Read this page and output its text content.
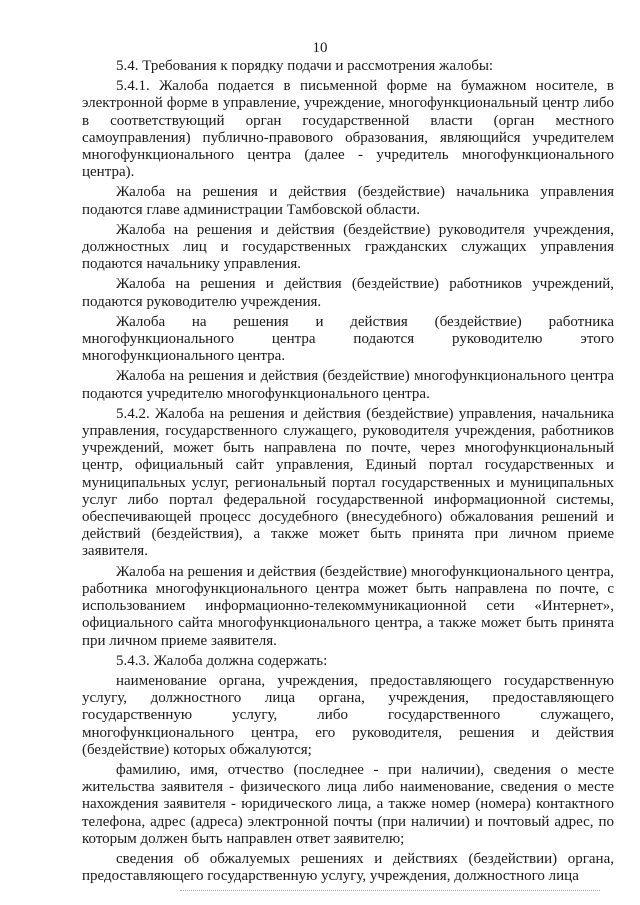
10

5.4. Требования к порядку подачи и рассмотрения жалобы:

5.4.1. Жалоба подается в письменной форме на бумажном носителе, в электронной форме в управление, учреждение, многофункциональный центр либо в соответствующий орган государственной власти (орган местного самоуправления) публично-правового образования, являющийся учредителем многофункционального центра (далее - учредитель многофункционального центра).

Жалоба на решения и действия (бездействие) начальника управления подаются главе администрации Тамбовской области.

Жалоба на решения и действия (бездействие) руководителя учреждения, должностных лиц и государственных гражданских служащих управления подаются начальнику управления.

Жалоба на решения и действия (бездействие) работников учреждений, подаются руководителю учреждения.

Жалоба на решения и действия (бездействие) работника многофункционального центра подаются руководителю этого многофункционального центра.

Жалоба на решения и действия (бездействие) многофункционального центра подаются учредителю многофункционального центра.

5.4.2. Жалоба на решения и действия (бездействие) управления, начальника управления, государственного служащего, руководителя учреждения, работников учреждений, может быть направлена по почте, через многофункциональный центр, официальный сайт управления, Единый портал государственных и муниципальных услуг, региональный портал государственных и муниципальных услуг либо портал федеральной государственной информационной системы, обеспечивающей процесс досудебного (внесудебного) обжалования решений и действий (бездействия), а также может быть принята при личном приеме заявителя.

Жалоба на решения и действия (бездействие) многофункционального центра, работника многофункционального центра может быть направлена по почте, с использованием информационно-телекоммуникационной сети «Интернет», официального сайта многофункционального центра, а также может быть принята при личном приеме заявителя.

5.4.3. Жалоба должна содержать:

наименование органа, учреждения, предоставляющего государственную услугу, должностного лица органа, учреждения, предоставляющего государственную услугу, либо государственного служащего, многофункционального центра, его руководителя, решения и действия (бездействие) которых обжалуются;

фамилию, имя, отчество (последнее - при наличии), сведения о месте жительства заявителя - физического лица либо наименование, сведения о месте нахождения заявителя - юридического лица, а также номер (номера) контактного телефона, адрес (адреса) электронной почты (при наличии) и почтовый адрес, по которым должен быть направлен ответ заявителю;

сведения об обжалуемых решениях и действиях (бездействии) органа, предоставляющего государственную услугу, учреждения, должностного лица
